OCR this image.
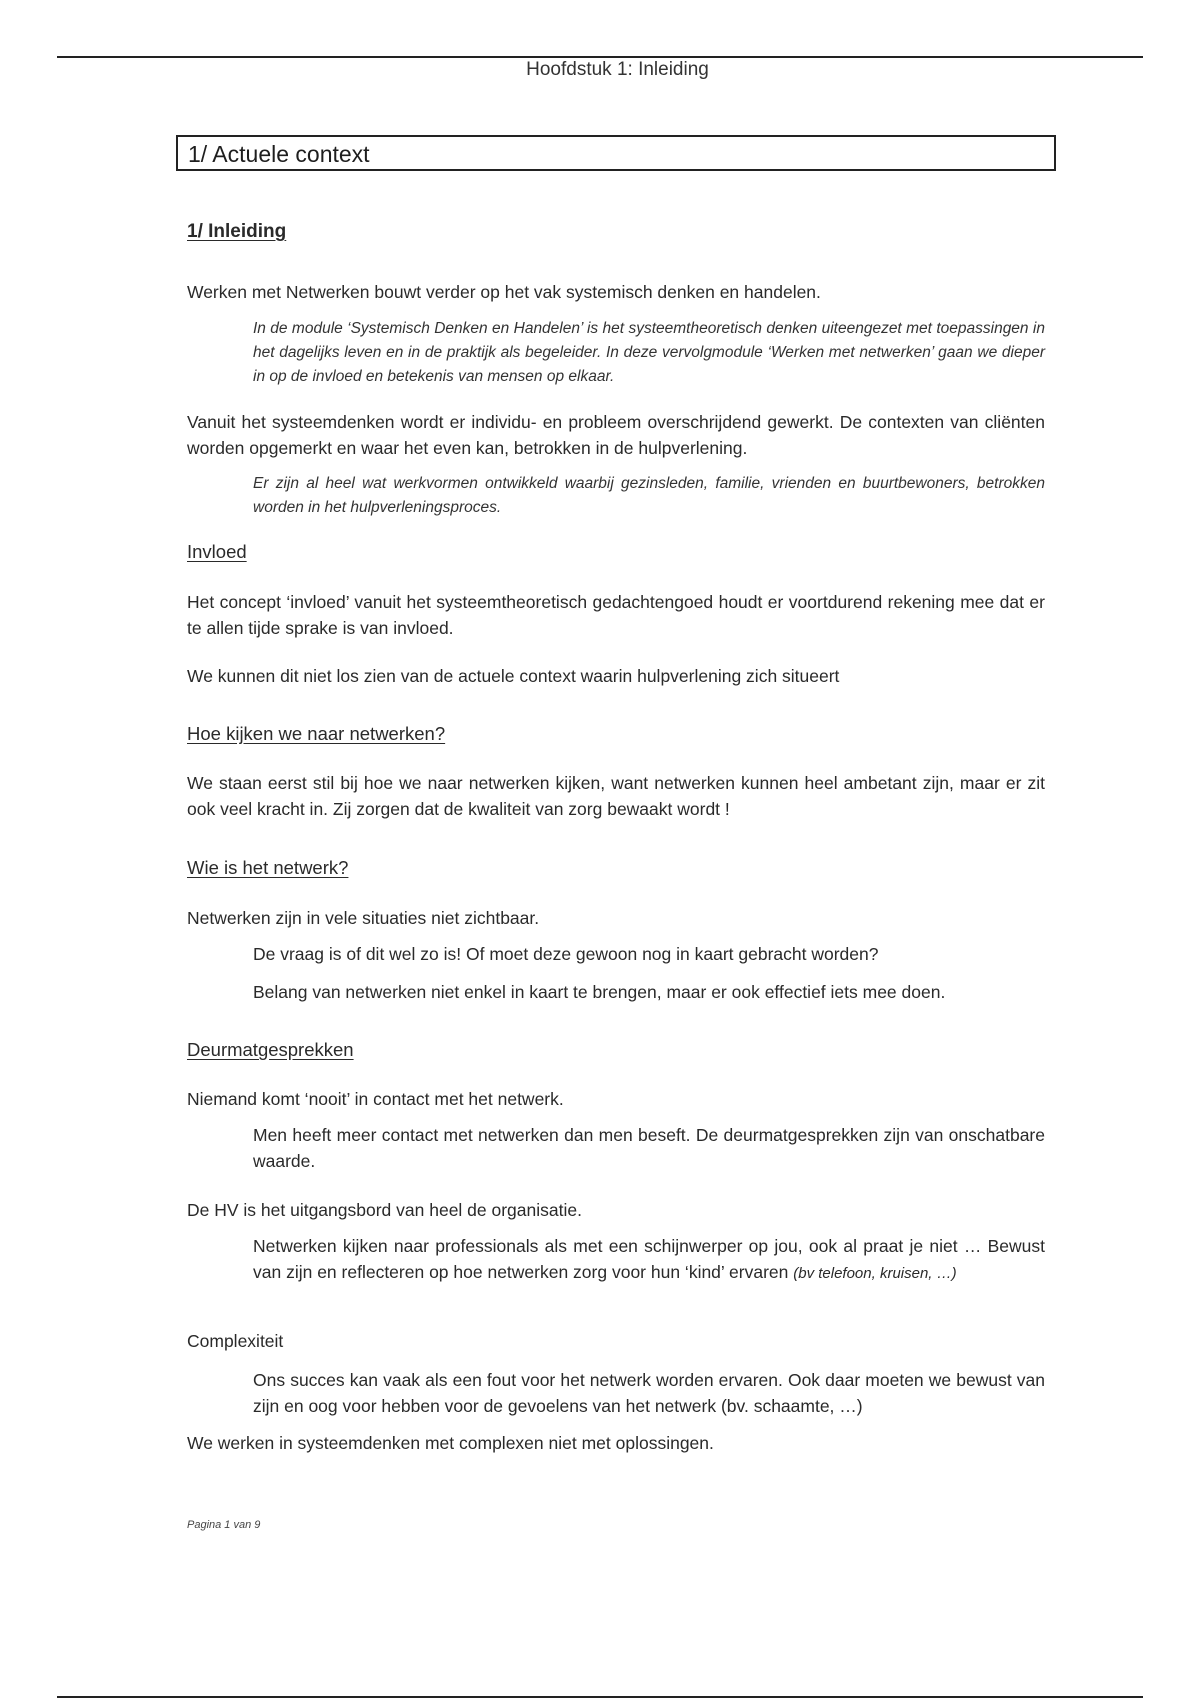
Hoofdstuk 1: Inleiding
1/ Actuele context
1/ Inleiding
Werken met Netwerken bouwt verder op het vak systemisch denken en handelen.
In de module ‘Systemisch Denken en Handelen’ is het systeemtheoretisch denken uiteengezet met toepassingen in het dagelijks leven en in de praktijk als begeleider. In deze vervolgmodule ‘Werken met netwerken’ gaan we dieper in op de invloed en betekenis van mensen op elkaar.
Vanuit het systeemdenken wordt er individu- en probleem overschrijdend gewerkt. De contexten van cliënten worden opgemerkt en waar het even kan, betrokken in de hulpverlening.
Er zijn al heel wat werkvormen ontwikkeld waarbij gezinsleden, familie, vrienden en buurtbewoners, betrokken worden in het hulpverleningsproces.
Invloed
Het concept ‘invloed’ vanuit het systeemtheoretisch gedachtengoed houdt er voortdurend rekening mee dat er te allen tijde sprake is van invloed.
We kunnen dit niet los zien van de actuele context waarin hulpverlening zich situeert
Hoe kijken we naar netwerken?
We staan eerst stil bij hoe we naar netwerken kijken, want netwerken kunnen heel ambetant zijn, maar er zit ook veel kracht in. Zij zorgen dat de kwaliteit van zorg bewaakt wordt !
Wie is het netwerk?
Netwerken zijn in vele situaties niet zichtbaar.
De vraag is of dit wel zo is! Of moet deze gewoon nog in kaart gebracht worden?
Belang van netwerken niet enkel in kaart te brengen, maar er ook effectief iets mee doen.
Deurmatgesprekken
Niemand komt ‘nooit’ in contact met het netwerk.
Men heeft meer contact met netwerken dan men beseft. De deurmatgesprekken zijn van onschatbare waarde.
De HV is het uitgangsbord van heel de organisatie.
Netwerken kijken naar professionals als met een schijnwerper op jou, ook al praat je niet … Bewust van zijn en reflecteren op hoe netwerken zorg voor hun ‘kind’ ervaren (bv telefoon, kruisen, …)
Complexiteit
Ons succes kan vaak als een fout voor het netwerk worden ervaren. Ook daar moeten we bewust van zijn en oog voor hebben voor de gevoelens van het netwerk (bv. schaamte, …)
We werken in systeemdenken met complexen niet met oplossingen.
Pagina 1 van 9
